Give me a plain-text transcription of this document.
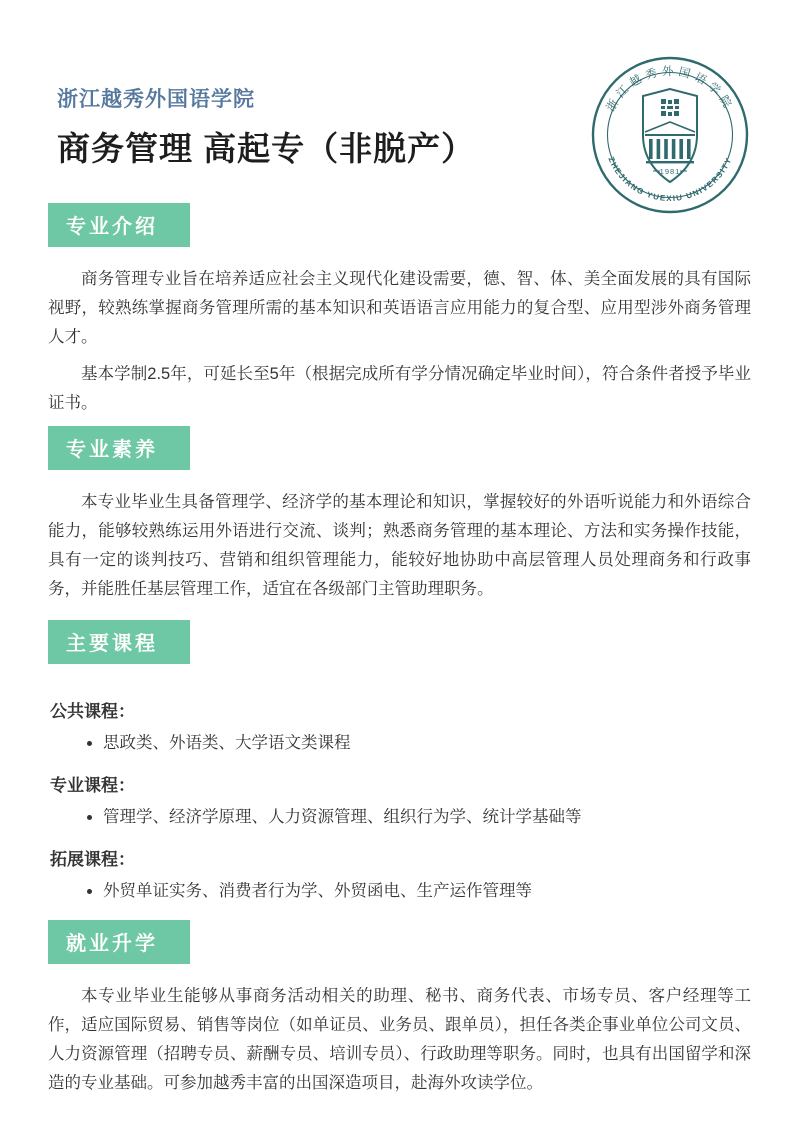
浙江越秀外国语学院
商务管理 高起专（非脱产）
浙江越秀外国语学院
ZHEJIANG YUEXIU UNIVERSITY
1981
专业介绍

商务管理专业旨在培养适应社会主义现代化建设需要，德、智、体、美全面发展的具有国际视野，较熟练掌握商务管理所需的基本知识和英语语言应用能力的复合型、应用型涉外商务管理人才。

基本学制2.5年，可延长至5年（根据完成所有学分情况确定毕业时间），符合条件者授予毕业证书。

专业素养

本专业毕业生具备管理学、经济学的基本理论和知识，掌握较好的外语听说能力和外语综合能力，能够较熟练运用外语进行交流、谈判；熟悉商务管理的基本理论、方法和实务操作技能，具有一定的谈判技巧、营销和组织管理能力，能较好地协助中高层管理人员处理商务和行政事务，并能胜任基层管理工作，适宜在各级部门主管助理职务。

主要课程
公共课程：
• 思政类、外语类、大学语文类课程
专业课程：
• 管理学、经济学原理、人力资源管理、组织行为学、统计学基础等
拓展课程：
• 外贸单证实务、消费者行为学、外贸函电、生产运作管理等
就业升学

本专业毕业生能够从事商务活动相关的助理、秘书、商务代表、市场专员、客户经理等工作，适应国际贸易、销售等岗位（如单证员、业务员、跟单员），担任各类企事业单位公司文员、人力资源管理（招聘专员、薪酬专员、培训专员）、行政助理等职务。同时，也具有出国留学和深造的专业基础。可参加越秀丰富的出国深造项目，赴海外攻读学位。
